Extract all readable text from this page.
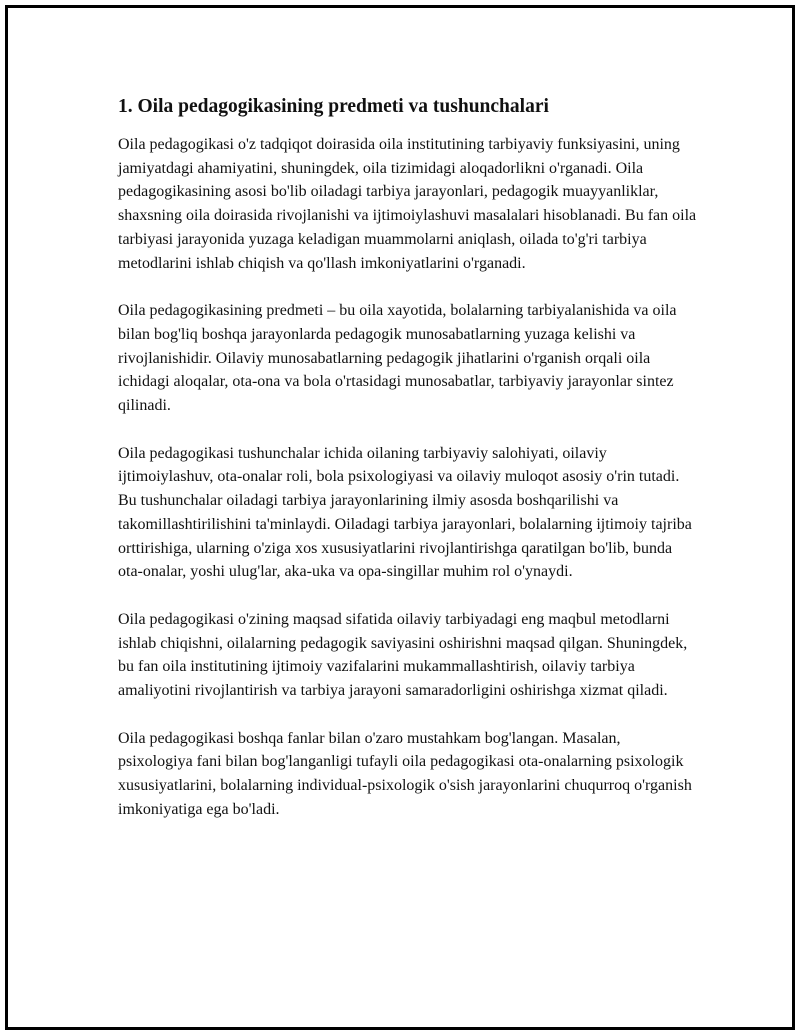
1. Oila pedagogikasining predmeti va tushunchalari

Oila pedagogikasi o'z tadqiqot doirasida oila institutining tarbiyaviy funksiyasini, uning jamiyatdagi ahamiyatini, shuningdek, oila tizimidagi aloqadorlikni o'rganadi. Oila pedagogikasining asosi bo'lib oiladagi tarbiya jarayonlari, pedagogik muayyanliklar, shaxsning oila doirasida rivojlanishi va ijtimoiylashuvi masalalari hisoblanadi. Bu fan oila tarbiyasi jarayonida yuzaga keladigan muammolarni aniqlash, oilada to'g'ri tarbiya metodlarini ishlab chiqish va qo'llash imkoniyatlarini o'rganadi.

Oila pedagogikasining predmeti – bu oila xayotida, bolalarning tarbiyalanishida va oila bilan bog'liq boshqa jarayonlarda pedagogik munosabatlarning yuzaga kelishi va rivojlanishidir. Oilaviy munosabatlarning pedagogik jihatlarini o'rganish orqali oila ichidagi aloqalar, ota-ona va bola o'rtasidagi munosabatlar, tarbiyaviy jarayonlar sintez qilinadi.

Oila pedagogikasi tushunchalar ichida oilaning tarbiyaviy salohiyati, oilaviy ijtimoiylashuv, ota-onalar roli, bola psixologiyasi va oilaviy muloqot asosiy o'rin tutadi. Bu tushunchalar oiladagi tarbiya jarayonlarining ilmiy asosda boshqarilishi va takomillashtirilishini ta'minlaydi. Oiladagi tarbiya jarayonlari, bolalarning ijtimoiy tajriba orttirishiga, ularning o'ziga xos xususiyatlarini rivojlantirishga qaratilgan bo'lib, bunda ota-onalar, yoshi ulug'lar, aka-uka va opa-singillar muhim rol o'ynaydi.

Oila pedagogikasi o'zining maqsad sifatida oilaviy tarbiyadagi eng maqbul metodlarni ishlab chiqishni, oilalarning pedagogik saviyasini oshirishni maqsad qilgan. Shuningdek, bu fan oila institutining ijtimoiy vazifalarini mukammallashtirish, oilaviy tarbiya amaliyotini rivojlantirish va tarbiya jarayoni samaradorligini oshirishga xizmat qiladi.

Oila pedagogikasi boshqa fanlar bilan o'zaro mustahkam bog'langan. Masalan, psixologiya fani bilan bog'langanligi tufayli oila pedagogikasi ota-onalarning psixologik xususiyatlarini, bolalarning individual-psixologik o'sish jarayonlarini chuqurroq o'rganish imkoniyatiga ega bo'ladi.
